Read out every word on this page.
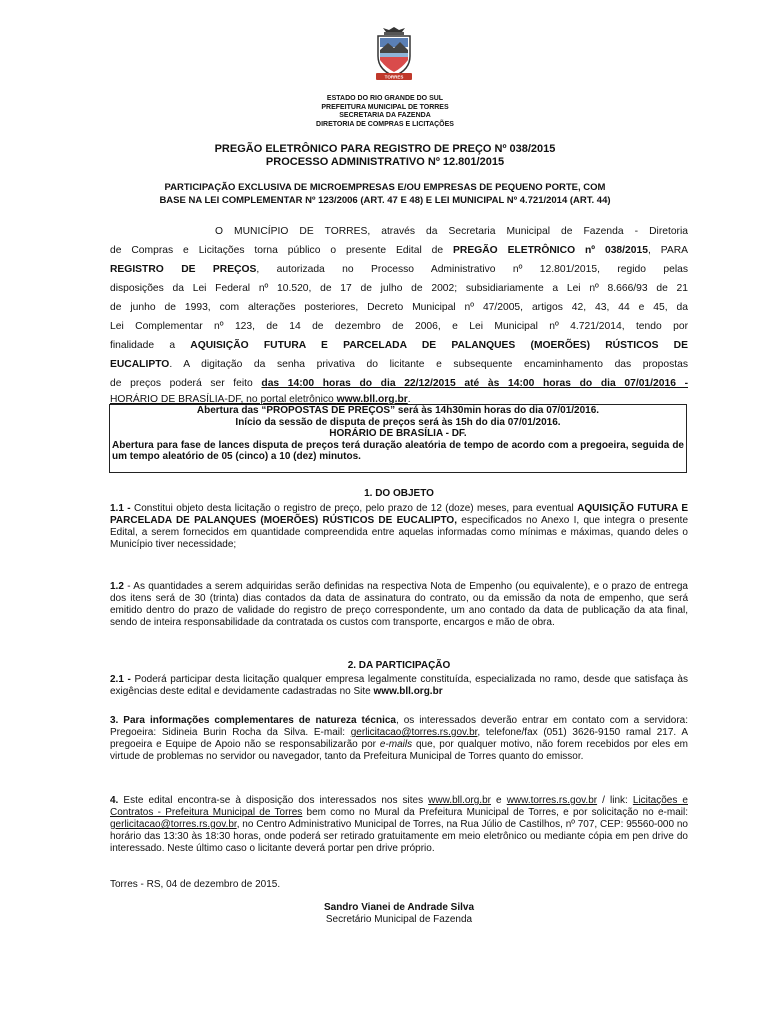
TORRES
ESTADO DO RIO GRANDE DO SUL
PREFEITURA MUNICIPAL DE TORRES
SECRETARIA DA FAZENDA
DIRETORIA DE COMPRAS E LICITAÇÕES
PREGÃO ELETRÔNICO PARA REGISTRO DE PREÇO Nº 038/2015
PROCESSO ADMINISTRATIVO Nº 12.801/2015
PARTICIPAÇÃO EXCLUSIVA DE MICROEMPRESAS E/OU EMPRESAS DE PEQUENO PORTE, COM
BASE NA LEI COMPLEMENTAR Nº 123/2006 (ART. 47 E 48) E LEI MUNICIPAL Nº 4.721/2014 (ART. 44)
O MUNICÍPIO DE TORRES, através da Secretaria Municipal de Fazenda - Diretoria
de Compras e Licitações torna público o presente Edital de PREGÃO ELETRÔNICO nº 038/2015, PARA
REGISTRO DE PREÇOS, autorizada no Processo Administrativo nº 12.801/2015, regido pelas
disposições da Lei Federal nº 10.520, de 17 de julho de 2002; subsidiariamente a Lei nº 8.666/93 de 21
de junho de 1993, com alterações posteriores, Decreto Municipal nº 47/2005, artigos 42, 43, 44 e 45, da
Lei Complementar nº 123, de 14 de dezembro de 2006, e Lei Municipal nº 4.721/2014, tendo por
finalidade a AQUISIÇÃO FUTURA E PARCELADA DE PALANQUES (MOERÕES) RÚSTICOS DE
EUCALIPTO. A digitação da senha privativa do licitante e subsequente encaminhamento das propostas
de preços poderá ser feito das 14:00 horas do dia 22/12/2015 até às 14:00 horas do dia 07/01/2016 -
HORÁRIO DE BRASÍLIA-DF, no portal eletrônico www.bll.org.br.
Abertura das “PROPOSTAS DE PREÇOS” será às 14h30min horas do dia 07/01/2016.
Início da sessão de disputa de preços será às 15h do dia 07/01/2016.
HORÁRIO DE BRASÍLIA - DF.
Abertura para fase de lances disputa de preços terá duração aleatória de tempo de acordo com a pregoeira, seguida de um tempo aleatório de 05 (cinco) a 10 (dez) minutos.
1. DO OBJETO
1.1 - Constitui objeto desta licitação o registro de preço, pelo prazo de 12 (doze) meses, para eventual AQUISIÇÃO FUTURA E PARCELADA DE PALANQUES (MOERÕES) RÚSTICOS DE EUCALIPTO, especificados no Anexo I, que integra o presente Edital, a serem fornecidos em quantidade compreendida entre aquelas informadas como mínimas e máximas, quando deles o Município tiver necessidade;
1.2 - As quantidades a serem adquiridas serão definidas na respectiva Nota de Empenho (ou equivalente), e o prazo de entrega dos itens será de 30 (trinta) dias contados da data de assinatura do contrato, ou da emissão da nota de empenho, que será emitido dentro do prazo de validade do registro de preço correspondente, um ano contado da data de publicação da ata final, sendo de inteira responsabilidade da contratada os custos com transporte, encargos e mão de obra.
2. DA PARTICIPAÇÃO
2.1 - Poderá participar desta licitação qualquer empresa legalmente constituída, especializada no ramo, desde que satisfaça às exigências deste edital e devidamente cadastradas no Site www.bll.org.br
3. Para informações complementares de natureza técnica, os interessados deverão entrar em contato com a servidora: Pregoeira: Sidineia Burin Rocha da Silva. E-mail: gerlicitacao@torres.rs.gov.br, telefone/fax (051) 3626-9150 ramal 217. A pregoeira e Equipe de Apoio não se responsabilizarão por e-mails que, por qualquer motivo, não forem recebidos por eles em virtude de problemas no servidor ou navegador, tanto da Prefeitura Municipal de Torres quanto do emissor.
4. Este edital encontra-se à disposição dos interessados nos sites www.bll.org.br e www.torres.rs.gov.br / link: Licitações e Contratos - Prefeitura Municipal de Torres bem como no Mural da Prefeitura Municipal de Torres, e por solicitação no e-mail: gerlicitacao@torres.rs.gov.br, no Centro Administrativo Municipal de Torres, na Rua Júlio de Castilhos, nº 707, CEP: 95560-000 no horário das 13:30 às 18:30 horas, onde poderá ser retirado gratuitamente em meio eletrônico ou mediante cópia em pen drive do interessado. Neste último caso o licitante deverá portar pen drive próprio.
Torres - RS, 04 de dezembro de 2015.
Sandro Vianei de Andrade Silva
Secretário Municipal de Fazenda
